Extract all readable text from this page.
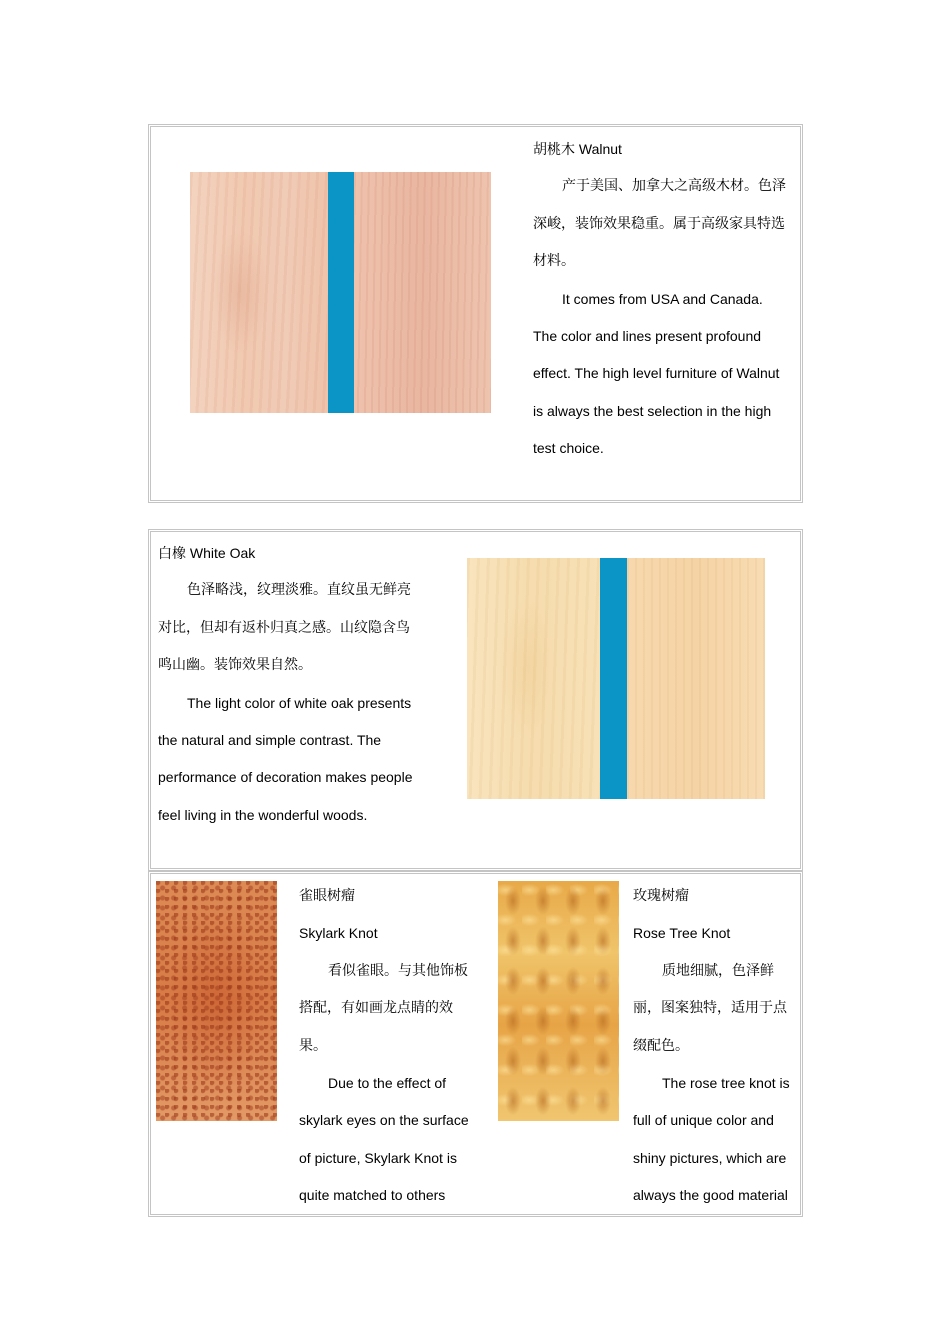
胡桃木 Walnut

产于美国、加拿大之高级木材。色泽

深峻，装饰效果稳重。属于高级家具特选

材料。

It comes from USA and Canada.

The color and lines present profound

effect. The high level furniture of Walnut

is always the best selection in the high

test choice.

白橡 White Oak

色泽略浅，纹理淡雅。直纹虽无鲜亮

对比，但却有返朴归真之感。山纹隐含鸟

鸣山幽。装饰效果自然。

The light color of white oak presents

the natural and simple contrast. The

performance of decoration makes people

feel living in the wonderful woods.

雀眼树瘤

Skylark Knot

看似雀眼。与其他饰板

搭配，有如画龙点睛的效

果。

Due to the effect of

skylark eyes on the surface

of picture, Skylark Knot is

quite matched to others

玫瑰树瘤

Rose Tree Knot

质地细腻，色泽鲜

丽，图案独特，适用于点

缀配色。

The rose tree knot is

full of unique color and

shiny pictures, which are

always the good material
